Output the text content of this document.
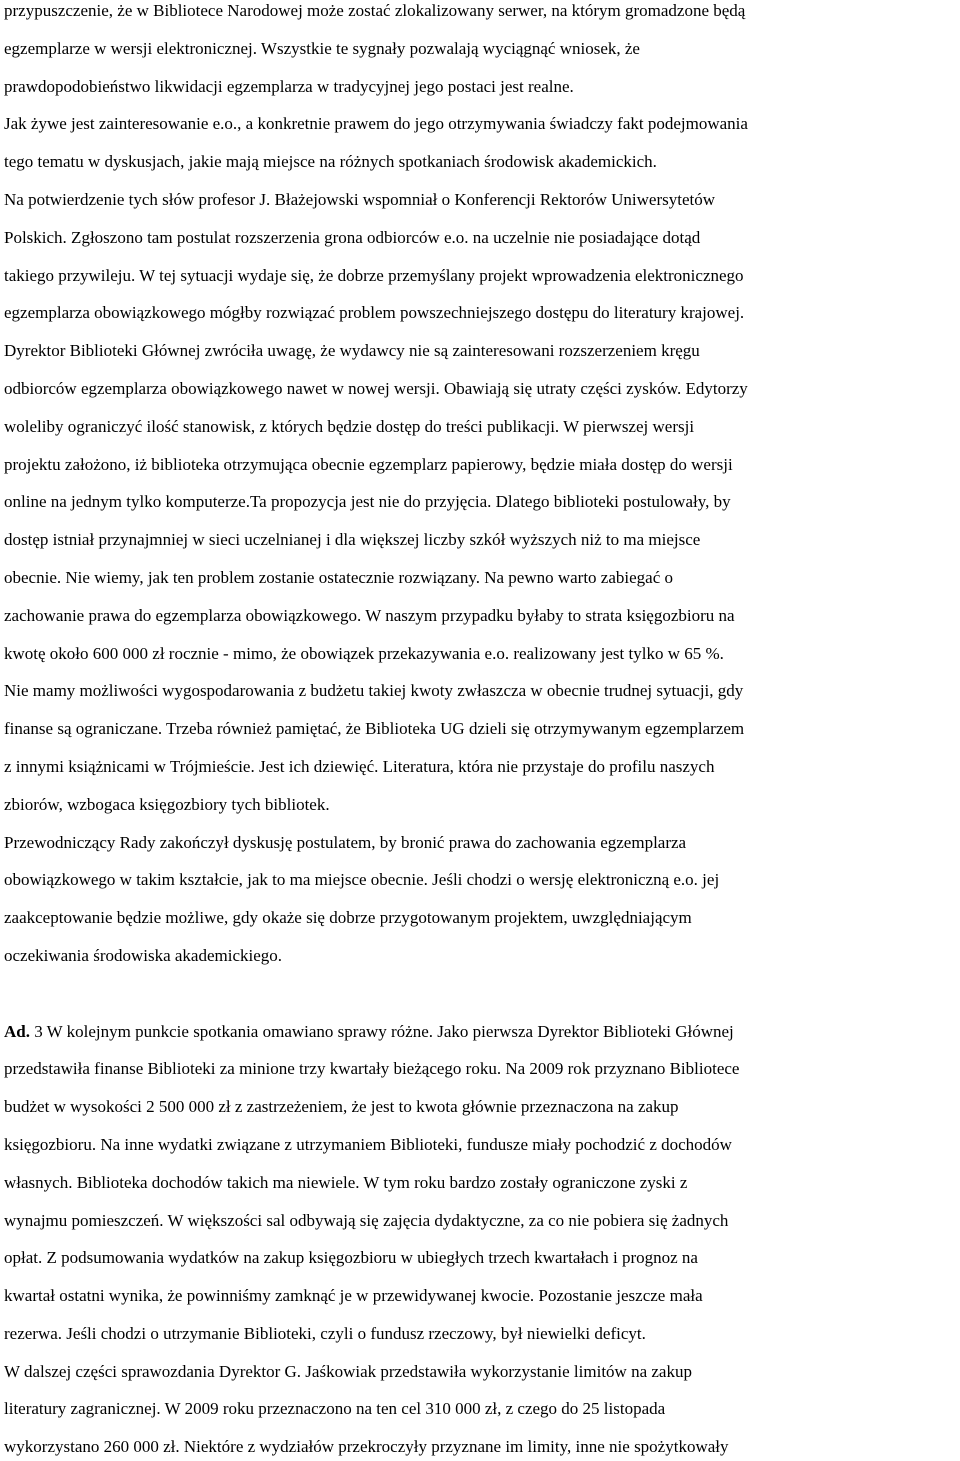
przypuszczenie, że w Bibliotece Narodowej może zostać zlokalizowany serwer, na którym gromadzone będą
egzemplarze w wersji elektronicznej. Wszystkie te sygnały pozwalają wyciągnąć wniosek, że
prawdopodobieństwo likwidacji egzemplarza w tradycyjnej jego postaci jest realne.
Jak żywe jest zainteresowanie e.o., a konkretnie prawem do jego otrzymywania świadczy fakt podejmowania
tego tematu w dyskusjach, jakie mają miejsce na różnych spotkaniach środowisk akademickich.
Na potwierdzenie tych słów profesor J. Błażejowski wspomniał o Konferencji Rektorów Uniwersytetów
Polskich. Zgłoszono tam postulat rozszerzenia grona odbiorców e.o. na uczelnie nie posiadające dotąd
takiego przywileju. W tej sytuacji wydaje się, że dobrze przemyślany projekt wprowadzenia elektronicznego
egzemplarza obowiązkowego mógłby rozwiązać problem powszechniejszego dostępu do literatury krajowej.
Dyrektor Biblioteki Głównej zwróciła uwagę, że wydawcy nie są zainteresowani rozszerzeniem kręgu
odbiorców egzemplarza obowiązkowego nawet w nowej wersji. Obawiają się utraty części zysków. Edytorzy
woleliby ograniczyć ilość stanowisk, z których będzie dostęp do treści publikacji. W pierwszej wersji
projektu założono, iż biblioteka otrzymująca obecnie egzemplarz papierowy, będzie miała dostęp do wersji
online na jednym tylko komputerze.Ta propozycja jest nie do przyjęcia. Dlatego biblioteki postulowały, by
dostęp istniał przynajmniej w sieci uczelnianej i dla większej liczby szkół wyższych niż to ma miejsce
obecnie. Nie wiemy, jak ten problem zostanie ostatecznie rozwiązany. Na pewno warto zabiegać o
zachowanie prawa do egzemplarza obowiązkowego. W naszym przypadku byłaby to strata księgozbioru na
kwotę około 600 000 zł rocznie - mimo, że obowiązek przekazywania e.o. realizowany jest tylko w 65 %.
Nie mamy możliwości wygospodarowania z budżetu takiej kwoty zwłaszcza w obecnie trudnej sytuacji, gdy
finanse są ograniczane. Trzeba również pamiętać, że Biblioteka UG dzieli się otrzymywanym egzemplarzem
z innymi książnicami w Trójmieście. Jest ich dziewięć. Literatura, która nie przystaje do profilu naszych
zbiorów, wzbogaca księgozbiory tych bibliotek.
Przewodniczący Rady zakończył dyskusję postulatem, by bronić prawa do zachowania egzemplarza
obowiązkowego w takim kształcie, jak to ma miejsce obecnie. Jeśli chodzi o wersję elektroniczną e.o. jej
zaakceptowanie będzie możliwe, gdy okaże się dobrze przygotowanym projektem, uwzględniającym
oczekiwania środowiska akademickiego.
Ad. 3 W kolejnym punkcie spotkania omawiano sprawy różne. Jako pierwsza Dyrektor Biblioteki Głównej
przedstawiła finanse Biblioteki za minione trzy kwartały bieżącego roku. Na 2009 rok przyznano Bibliotece
budżet w wysokości 2 500 000 zł z zastrzeżeniem, że jest to kwota głównie przeznaczona na zakup
księgozbioru. Na inne wydatki związane z utrzymaniem Biblioteki, fundusze miały pochodzić z dochodów
własnych. Biblioteka dochodów takich ma niewiele. W tym roku bardzo zostały ograniczone zyski z
wynajmu pomieszczeń. W większości sal odbywają się zajęcia dydaktyczne, za co nie pobiera się żadnych
opłat. Z podsumowania wydatków na zakup księgozbioru w ubiegłych trzech kwartałach i prognoz na
kwartał ostatni wynika, że powinniśmy zamknąć je w przewidywanej kwocie. Pozostanie jeszcze mała
rezerwa. Jeśli chodzi o utrzymanie Biblioteki, czyli o fundusz rzeczowy, był niewielki deficyt.
W dalszej części sprawozdania Dyrektor G. Jaśkowiak przedstawiła wykorzystanie limitów na zakup
literatury zagranicznej. W 2009 roku przeznaczono na ten cel 310 000 zł, z czego do 25 listopada
wykorzystano 260 000 zł. Niektóre z wydziałów przekroczyły przyznane im limity, inne nie spożytkowały
